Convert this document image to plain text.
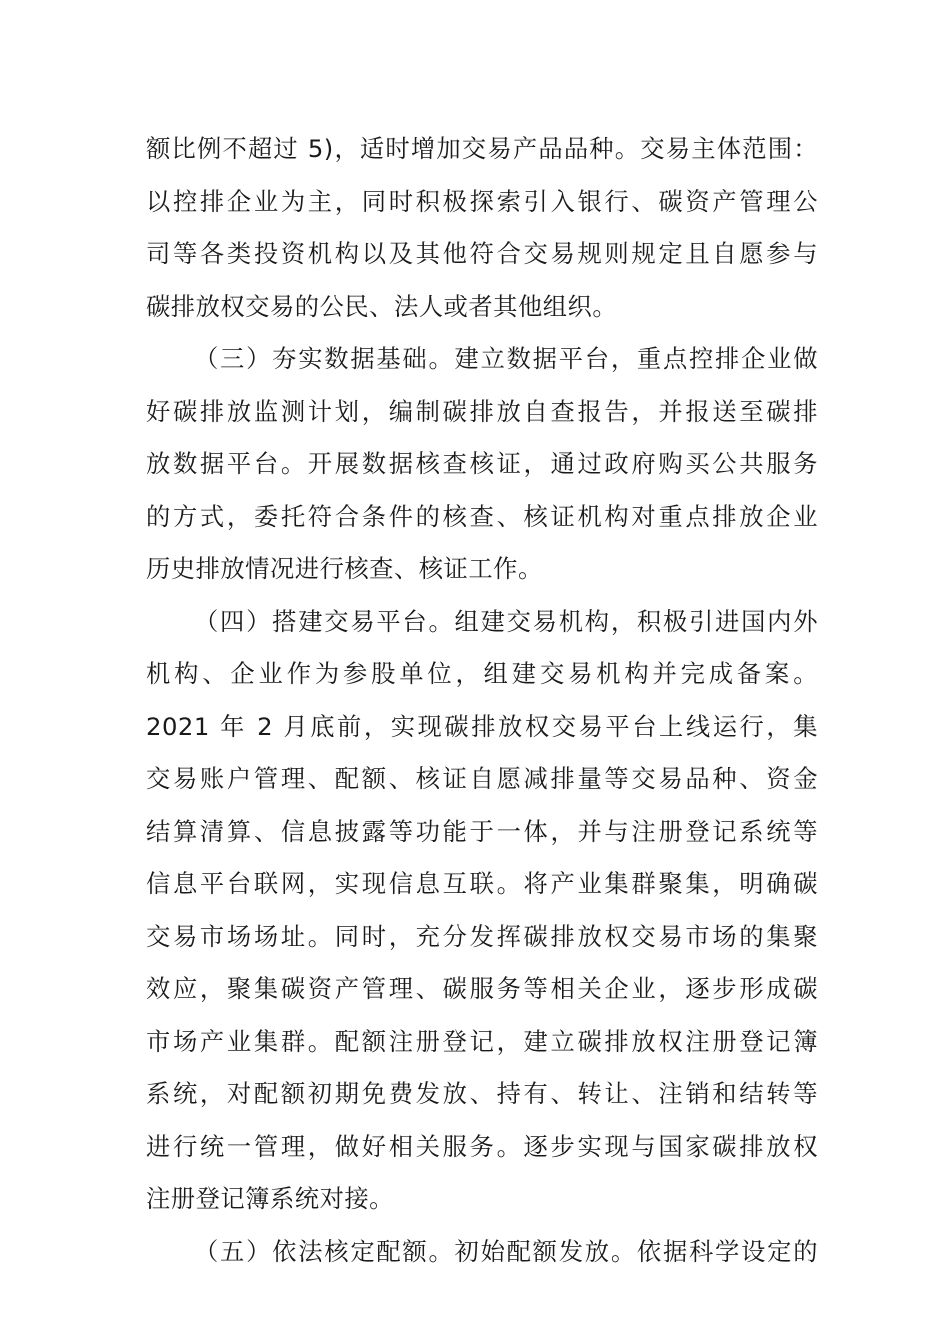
额比例不超过 5)，适时增加交易产品品种。交易主体范围：
以控排企业为主，同时积极探索引入银行、碳资产管理公
司等各类投资机构以及其他符合交易规则规定且自愿参与
碳排放权交易的公民、法人或者其他组织。
（三）夯实数据基础。建立数据平台，重点控排企业做
好碳排放监测计划，编制碳排放自查报告，并报送至碳排
放数据平台。开展数据核查核证，通过政府购买公共服务
的方式，委托符合条件的核查、核证机构对重点排放企业
历史排放情况进行核查、核证工作。
（四）搭建交易平台。组建交易机构，积极引进国内外
机构、企业作为参股单位，组建交易机构并完成备案。
2021 年 2 月底前，实现碳排放权交易平台上线运行，集
交易账户管理、配额、核证自愿减排量等交易品种、资金
结算清算、信息披露等功能于一体，并与注册登记系统等
信息平台联网，实现信息互联。将产业集群聚集，明确碳
交易市场场址。同时，充分发挥碳排放权交易市场的集聚
效应，聚集碳资产管理、碳服务等相关企业，逐步形成碳
市场产业集群。配额注册登记，建立碳排放权注册登记簿
系统，对配额初期免费发放、持有、转让、注销和结转等
进行统一管理，做好相关服务。逐步实现与国家碳排放权
注册登记簿系统对接。
（五）依法核定配额。初始配额发放。依据科学设定的
